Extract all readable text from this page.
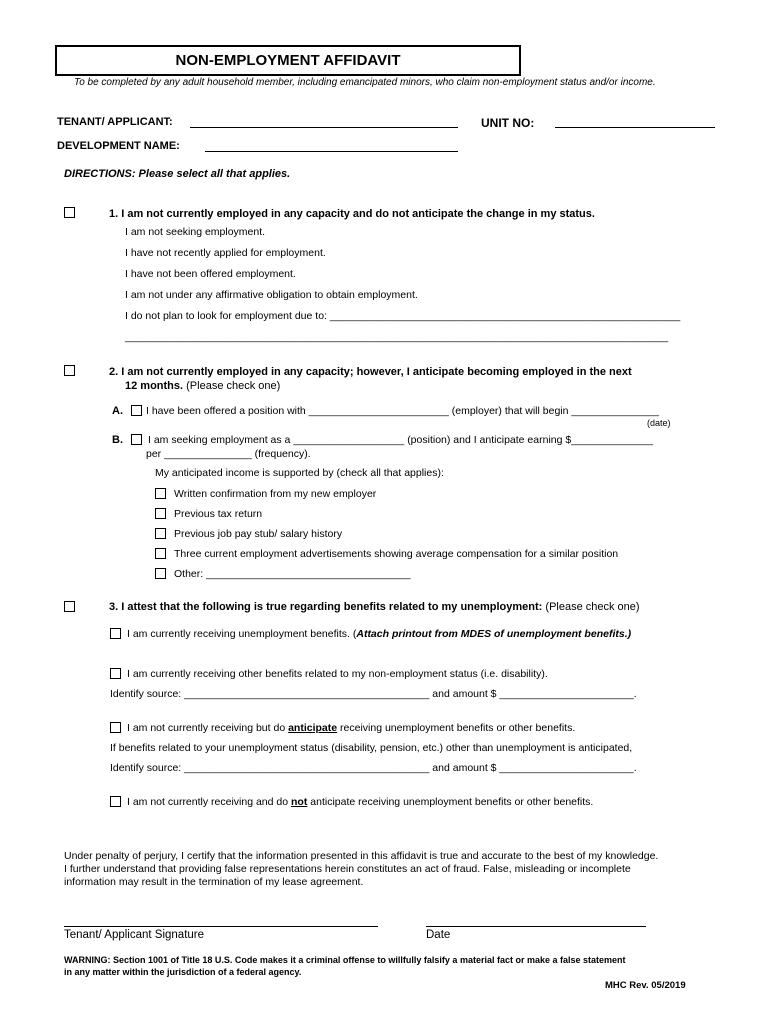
NON-EMPLOYMENT AFFIDAVIT
To be completed by any adult household member, including emancipated minors, who claim non-employment status and/or income.
TENANT/ APPLICANT:	UNIT NO:
DEVELOPMENT NAME:
DIRECTIONS: Please select all that applies.
1. I am not currently employed in any capacity and do not anticipate the change in my status.
I am not seeking employment.
I have not recently applied for employment.
I have not been offered employment.
I am not under any affirmative obligation to obtain employment.
I do not plan to look for employment due to: ____________________________________________________________
_____________________________________________________________________________________________
2. I am not currently employed in any capacity; however, I anticipate becoming employed in the next
12 months. (Please check one)
A. I have been offered a position with ________________________ (employer) that will begin _______________
(date)
B. I am seeking employment as a ___________________ (position) and I anticipate earning $______________
per _______________ (frequency).
My anticipated income is supported by (check all that applies):
Written confirmation from my new employer
Previous tax return
Previous job pay stub/ salary history
Three current employment advertisements showing average compensation for a similar position
Other: ___________________________________
3. I attest that the following is true regarding benefits related to my unemployment: (Please check one)
I am currently receiving unemployment benefits. (Attach printout from MDES of unemployment benefits.)
I am currently receiving other benefits related to my non-employment status (i.e. disability).
Identify source: __________________________________________ and amount $ _______________________.
I am not currently receiving but do anticipate receiving unemployment benefits or other benefits.
If benefits related to your unemployment status (disability, pension, etc.) other than unemployment is anticipated,
Identify source: __________________________________________ and amount $ _______________________.
I am not currently receiving and do not anticipate receiving unemployment benefits or other benefits.
Under penalty of perjury, I certify that the information presented in this affidavit is true and accurate to the best of my knowledge.
I further understand that providing false representations herein constitutes an act of fraud. False, misleading or incomplete
information may result in the termination of my lease agreement.
Tenant/ Applicant Signature	Date
WARNING: Section 1001 of Title 18 U.S. Code makes it a criminal offense to willfully falsify a material fact or make a false statement
in any matter within the jurisdiction of a federal agency.
MHC Rev. 05/2019
